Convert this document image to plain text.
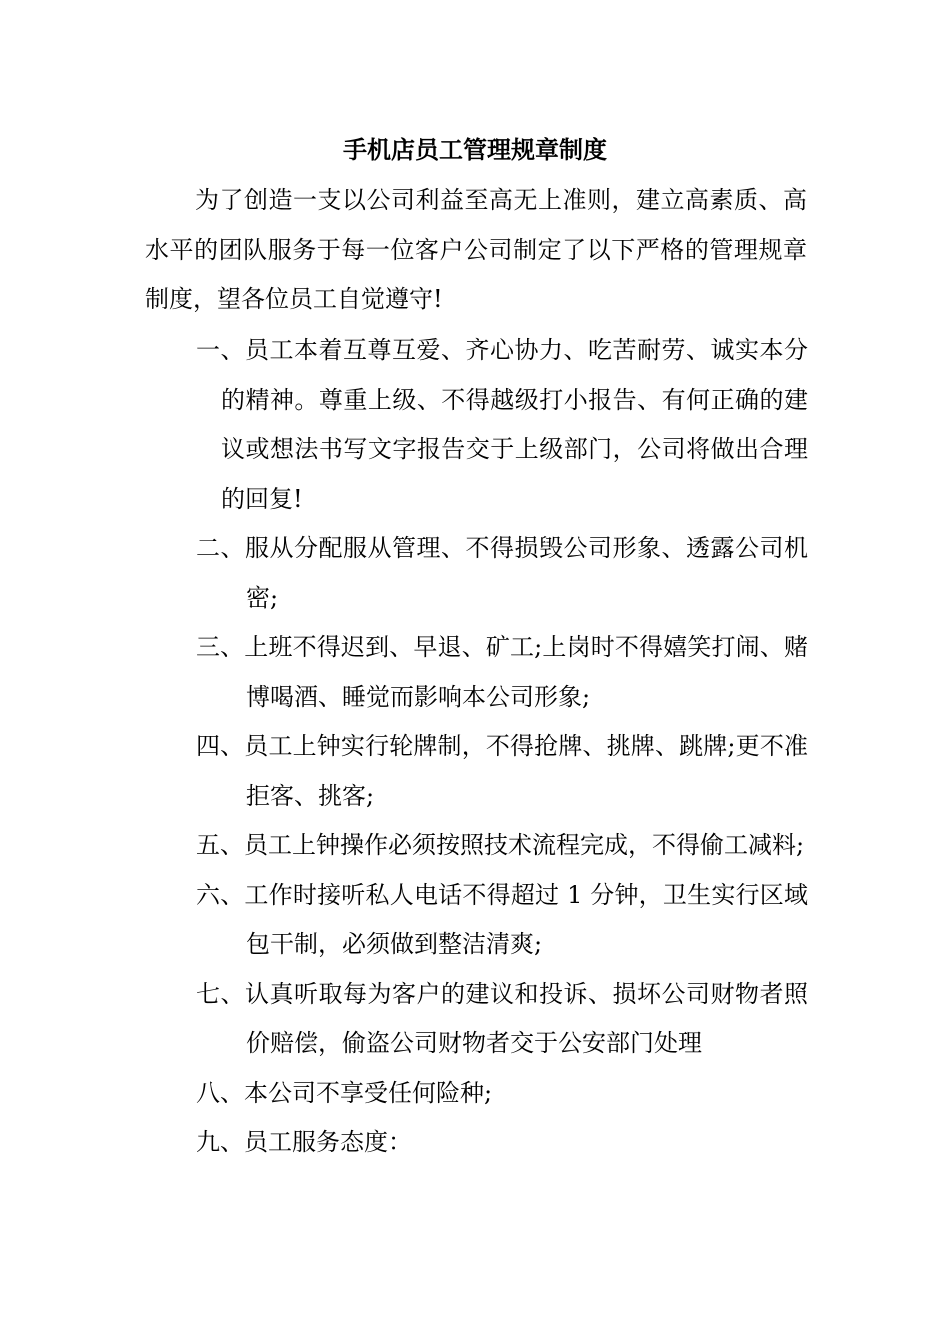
手机店员工管理规章制度

为了创造一支以公司利益至高无上准则，建立高素质、高水平的团队服务于每一位客户公司制定了以下严格的管理规章制度，望各位员工自觉遵守!

一、员工本着互尊互爱、齐心协力、吃苦耐劳、诚实本分的精神。尊重上级、不得越级打小报告、有何正确的建议或想法书写文字报告交于上级部门，公司将做出合理的回复!

二、服从分配服从管理、不得损毁公司形象、透露公司机密;

三、上班不得迟到、早退、矿工;上岗时不得嬉笑打闹、赌博喝酒、睡觉而影响本公司形象;

四、员工上钟实行轮牌制，不得抢牌、挑牌、跳牌;更不准拒客、挑客;

五、员工上钟操作必须按照技术流程完成，不得偷工减料;

六、工作时接听私人电话不得超过 1 分钟，卫生实行区域包干制，必须做到整洁清爽;

七、认真听取每为客户的建议和投诉、损坏公司财物者照价赔偿，偷盗公司财物者交于公安部门处理

八、本公司不享受任何险种;

九、员工服务态度：
